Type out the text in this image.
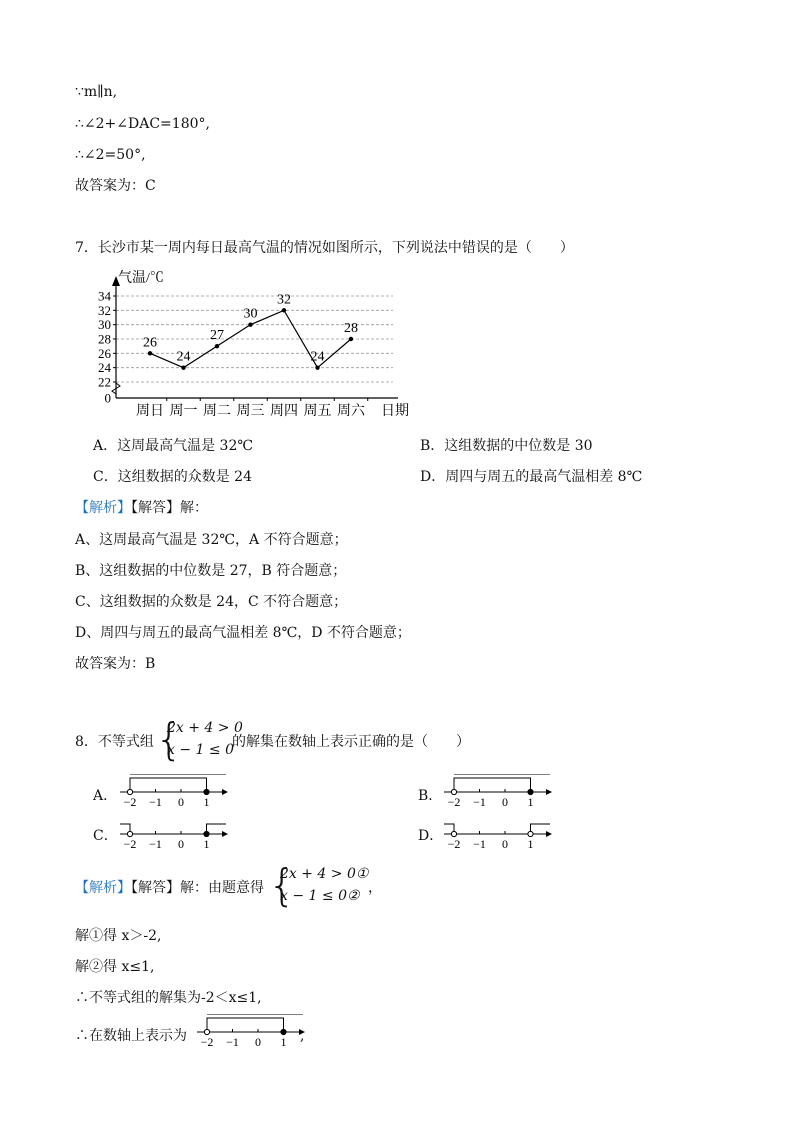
∵m∥n,
∴∠2+∠DAC=180°,
∴∠2=50°,
故答案为：C
7．长沙市某一周内每日最高气温的情况如图所示，下列说法中错误的是（　　）
0
22
24
26
28
30
32
34
气温/℃
周日 周一 周二 周三 周四 周五 周六 日期
26
24
27
30
32
24
28
A．这周最高气温是 32℃	B．这组数据的中位数是 30
C．这组数据的众数是 24	D．周四与周五的最高气温相差 8℃
【解析】【解答】解：
A、这周最高气温是 32℃，A 不符合题意；
B、这组数据的中位数是 27，B 符合题意；
C、这组数据的众数是 24，C 不符合题意；
D、周四与周五的最高气温相差 8℃，D 不符合题意；
故答案为：B
8．不等式组 {
2x + 4 > 0
x − 1 ≤ 0
的解集在数轴上表示正确的是（　　）
A．	B．
C．	D．
−2 −1 0 1	−2 −1 0 1
−2 −1 0 1	−2 −1 0 1
【解析】【解答】解：由题意得 {
2x + 4 > 0①
x − 1 ≤ 0② ，
解①得 x＞-2,
解②得 x≤1,
∴不等式组的解集为-2＜x≤1,
∴在数轴上表示为 −2 −1 0 1 ,
